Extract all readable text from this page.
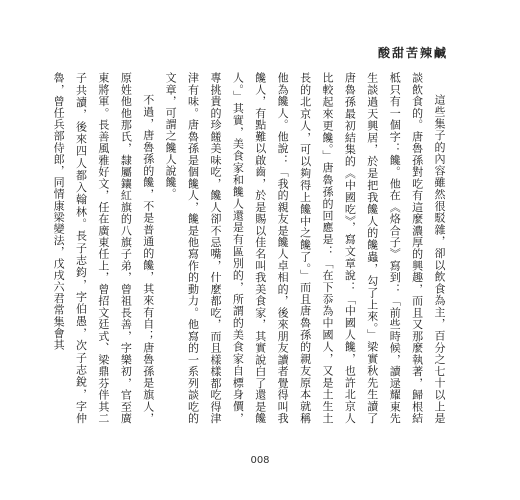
酸甜苦辣鹹

這些集子的內容雖然很駁雜，卻以飲食為主，百分之七十以上是談飲食的。唐魯孫對吃有這麼濃厚的興趣，而且又那麼執著，歸根結柢只有一個字：饞。他在《烙合子》寫到：「前些時候，讀逯耀東先生談過天興居，於是把我饞人的饞蟲，勾了上來。」梁實秋先生讀了唐魯孫最初結集的《中國吃》，寫文章說：「中國人饞，也許北京人比較起來更饞。」唐魯孫的回應是：「在下忝為中國人，又是土生土長的北京人，可以夠得上饞中之饞了。」而且唐魯孫的親友原本就稱他為饞人。他說：「我的親友是饞人卓相的，後來朋友讀者覺得叫我饞人，有點難以啟齒，於是賜以佳名叫我美食家，其實說白了還是饞人。」其實，美食家和饞人還是有區別的，所謂的美食家自標身價，專挑貴的珍饈美味吃，饞人卻不忌嘴，什麼都吃，而且樣樣都吃得津津有味。唐魯孫是個饞人，饞是他寫作的動力。他寫的一系列談吃的文章，可謂之饞人說饞。

不過，唐魯孫的饞，不是普通的饞，其來有自；唐魯孫是旗人，原姓他他那氏，隸屬鑲紅旗的八旗子弟，曾祖長善，字樂初，官至廣東將軍。長善風雅好文，任在廣東任上，曾招文廷式、梁鼎芬伴其二子共讀，後來四人都入翰林。長子志鈞，字伯愚，次子志銳，字仲魯，曾任兵部侍郎，同情康梁變法，戊戌六君常集會其

008
